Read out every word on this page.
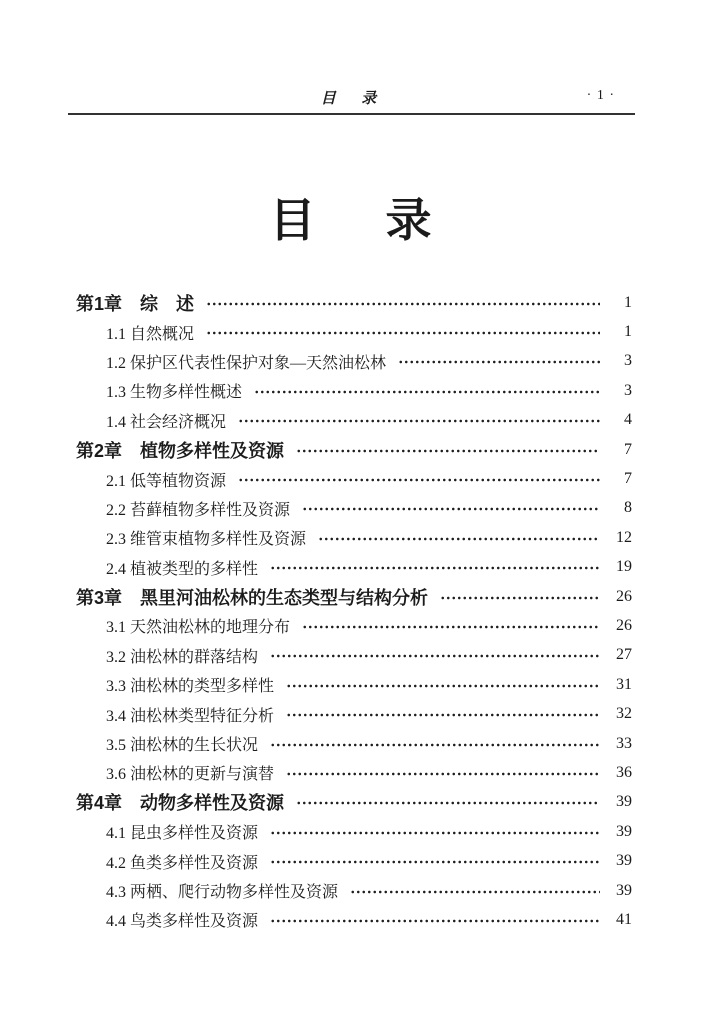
目  录	· 1 ·
目　录
第1章　综　述	1
1.1 自然概况	1
1.2 保护区代表性保护对象—天然油松林	3
1.3 生物多样性概述	3
1.4 社会经济概况	4
第2章　植物多样性及资源	7
2.1 低等植物资源	7
2.2 苔藓植物多样性及资源	8
2.3 维管束植物多样性及资源	12
2.4 植被类型的多样性	19
第3章　黑里河油松林的生态类型与结构分析	26
3.1 天然油松林的地理分布	26
3.2 油松林的群落结构	27
3.3 油松林的类型多样性	31
3.4 油松林类型特征分析	32
3.5 油松林的生长状况	33
3.6 油松林的更新与演替	36
第4章　动物多样性及资源	39
4.1 昆虫多样性及资源	39
4.2 鱼类多样性及资源	39
4.3 两栖、爬行动物多样性及资源	39
4.4 鸟类多样性及资源	41
